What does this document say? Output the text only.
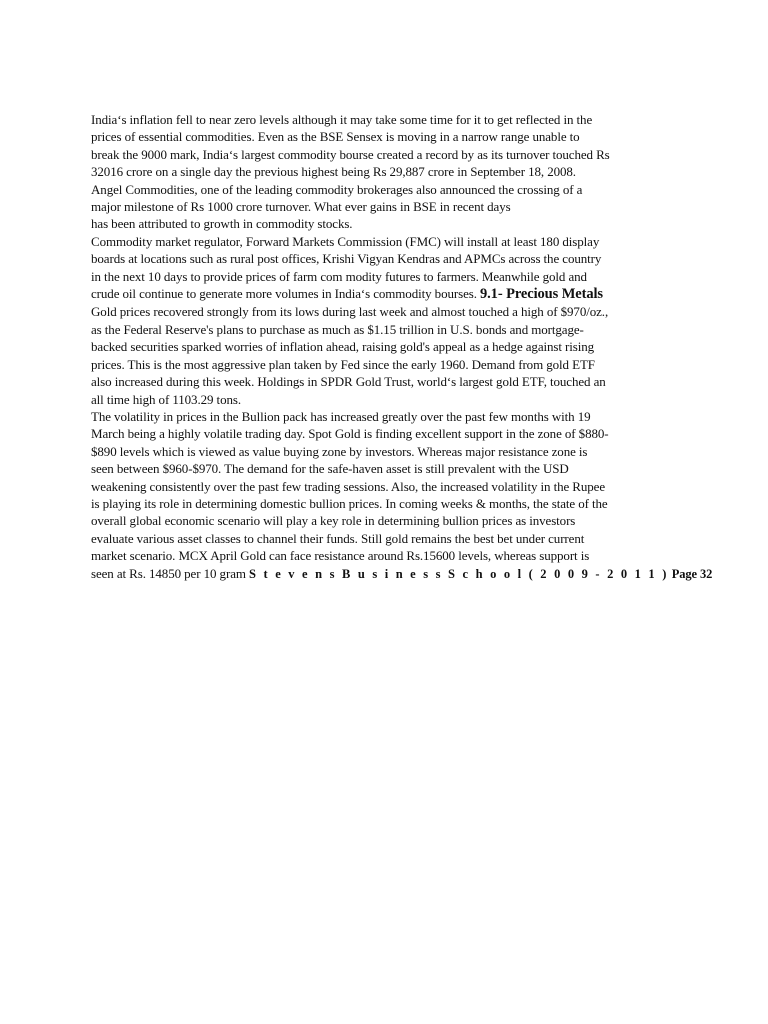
India‘s inflation fell to near zero levels although it may take some time for it to get reflected in the
prices of essential commodities. Even as the BSE Sensex is moving in a narrow range unable to
break the 9000 mark, India‘s largest commodity bourse created a record by as its turnover touched Rs
32016 crore on a single day the previous highest being Rs 29,887 crore in September 18, 2008.
Angel Commodities, one of the leading commodity brokerages also announced the crossing of a
major milestone of Rs 1000 crore turnover. What ever gains in BSE in recent days
has been attributed to growth in commodity stocks.
Commodity market regulator, Forward Markets Commission (FMC) will install at least 180 display
boards at locations such as rural post offices, Krishi Vigyan Kendras and APMCs across the country
in the next 10 days to provide prices of farm com modity futures to farmers. Meanwhile gold and
crude oil continue to generate more volumes in India‘s commodity bourses. 9.1- Precious Metals
Gold prices recovered strongly from its lows during last week and almost touched a high of $970/oz.,
as the Federal Reserve's plans to purchase as much as $1.15 trillion in U.S. bonds and mortgage-
backed securities sparked worries of inflation ahead, raising gold's appeal as a hedge against rising
prices. This is the most aggressive plan taken by Fed since the early 1960. Demand from gold ETF
also increased during this week. Holdings in SPDR Gold Trust, world‘s largest gold ETF, touched an
all time high of 1103.29 tons.
The volatility in prices in the Bullion pack has increased greatly over the past few months with 19
March being a highly volatile trading day. Spot Gold is finding excellent support in the zone of $880-
$890 levels which is viewed as value buying zone by investors. Whereas major resistance zone is
seen between $960-$970. The demand for the safe-haven asset is still prevalent with the USD
weakening consistently over the past few trading sessions. Also, the increased volatility in the Rupee
is playing its role in determining domestic bullion prices. In coming weeks & months, the state of the
overall global economic scenario will play a key role in determining bullion prices as investors
evaluate various asset classes to channel their funds. Still gold remains the best bet under current
market scenario. MCX April Gold can face resistance around Rs.15600 levels, whereas support is
seen at Rs. 14850 per 10 gram S t e v e n s B u s i n e s s S c h o o l ( 2 0 0 9 - 2 0 1 1 ) Page 32
